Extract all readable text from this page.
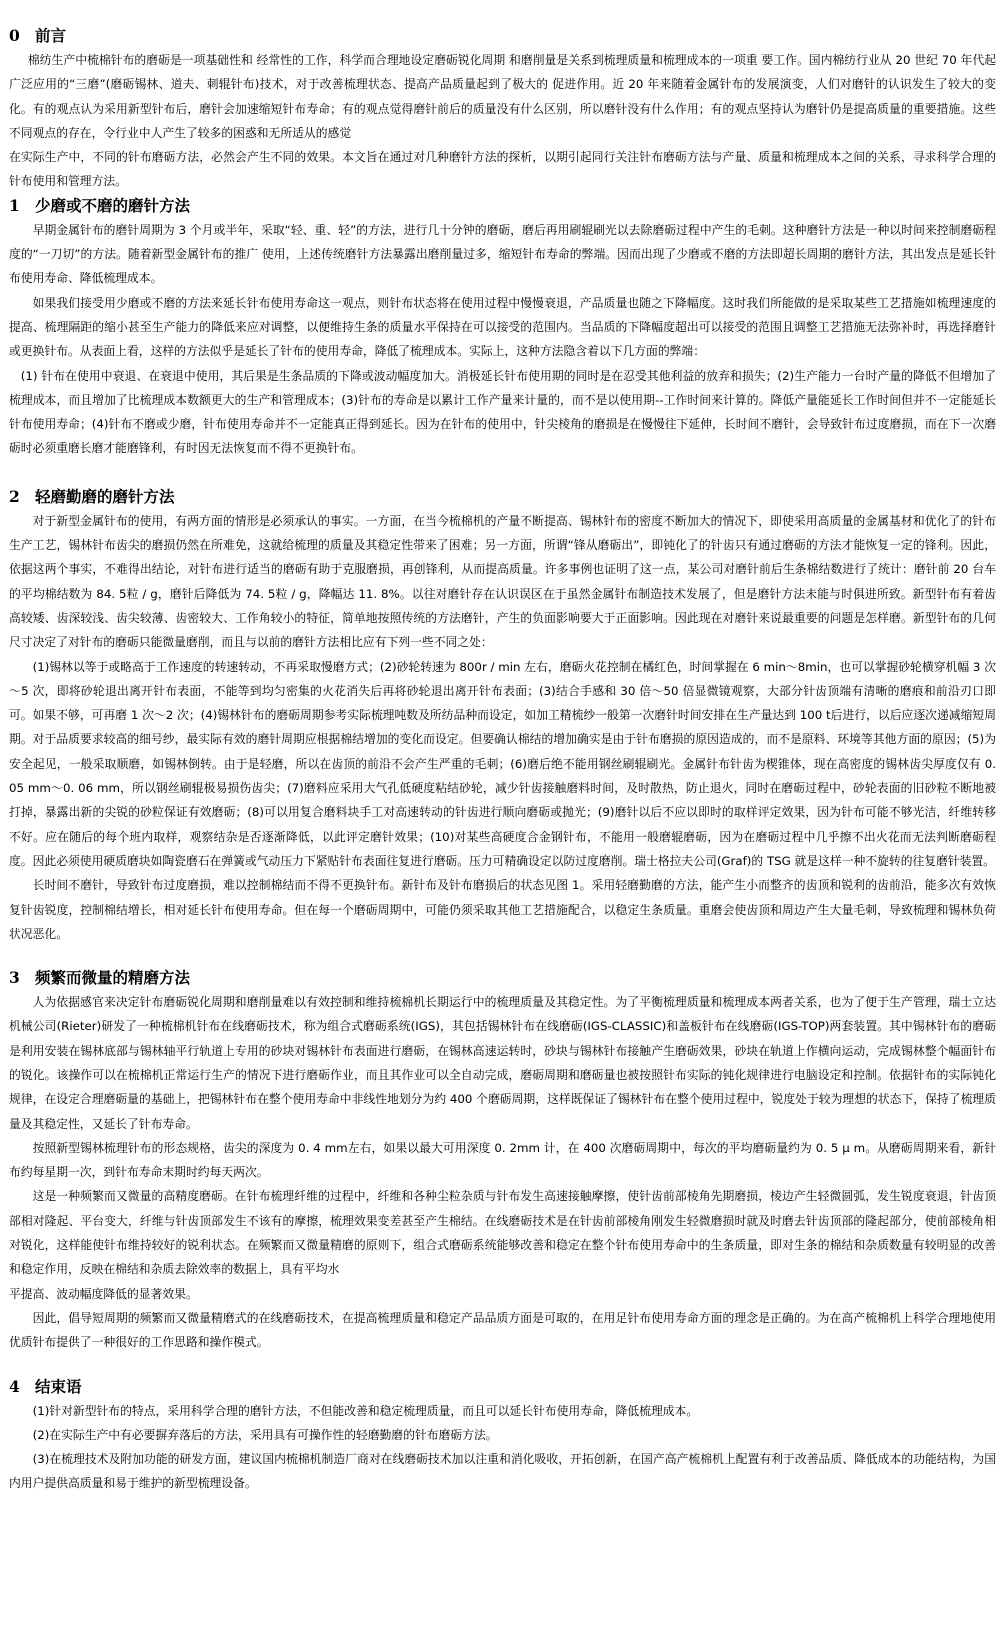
0 前言

棉纺生产中梳棉针布的磨砺是一项基础性和 经常性的工作，科学而合理地设定磨砺锐化周期 和磨削量是关系到梳理质量和梳理成本的一项重 要工作。国内棉纺行业从 20 世纪 70 年代起广泛应用的“三磨”(磨砺锡林、道夫、刺辊针布)技术，对于改善梳理状态、提高产品质量起到了极大的 促进作用。近 20 年来随着金属针布的发展演变，人们对磨针的认识发生了较大的变化。有的观点认为采用新型针布后，磨针会加速缩短针布寿命；有的观点觉得磨针前后的质量没有什么区别，所以磨针没有什么作用；有的观点坚持认为磨针仍是提高质量的重要措施。这些不同观点的存在，令行业中人产生了较多的困惑和无所适从的感觉

在实际生产中，不同的针布磨砺方法，必然会产生不同的效果。本文旨在通过对几种磨针方法的探析，以期引起同行关注针布磨砺方法与产量、质量和梳理成本之间的关系，寻求科学合理的针布使用和管理方法。

1 少磨或不磨的磨针方法

早期金属针布的磨针周期为 3 个月或半年，采取“轻、重、轻”的方法，进行几十分钟的磨砺，磨后再用刷辊刷光以去除磨砺过程中产生的毛刺。这种磨针方法是一种以时间来控制磨砺程度的“一刀切”的方法。随着新型金属针布的推广 使用，上述传统磨针方法暴露出磨削量过多，缩短针布寿命的弊端。因而出现了少磨或不磨的方法即超长周期的磨针方法，其出发点是延长针布使用寿命、降低梳理成本。

如果我们接受用少磨或不磨的方法来延长针布使用寿命这一观点，则针布状态将在使用过程中慢慢衰退，产品质量也随之下降幅度。这时我们所能做的是采取某些工艺措施如梳理速度的提高、梳理隔距的缩小甚至生产能力的降低来应对调整，以便维持生条的质量水平保持在可以接受的范围内。当品质的下降幅度超出可以接受的范围且调整工艺措施无法弥补时，再选择磨针或更换针布。从表面上看，这样的方法似乎是延长了针布的使用寿命，降低了梳理成本。实际上，这种方法隐含着以下几方面的弊端：

(1) 针布在使用中衰退、在衰退中使用，其后果是生条品质的下降或波动幅度加大。消极延长针布使用期的同时是在忍受其他利益的放弃和损失；(2)生产能力一台时产量的降低不但增加了梳理成本，而且增加了比梳理成本数额更大的生产和管理成本；(3)针布的寿命是以累计工作产量来计量的，而不是以使用期--工作时间来计算的。降低产量能延长工作时间但并不一定能延长针布使用寿命；(4)针布不磨或少磨，针布使用寿命并不一定能真正得到延长。因为在针布的使用中，针尖棱角的磨损是在慢慢往下延伸，长时间不磨针，会导致针布过度磨损，而在下一次磨砺时必须重磨长磨才能磨锋利，有时因无法恢复而不得不更换针布。

2 轻磨勤磨的磨针方法

对于新型金属针布的使用，有两方面的情形是必须承认的事实。一方面，在当今梳棉机的产量不断提高、锡林针布的密度不断加大的情况下，即使采用高质量的金属基材和优化了的针布生产工艺，锡林针布齿尖的磨损仍然在所难免，这就给梳理的质量及其稳定性带来了困难；另一方面，所谓“锋从磨砺出”，即钝化了的针齿只有通过磨砺的方法才能恢复一定的锋利。因此，依据这两个事实，不难得出结论，对针布进行适当的磨砺有助于克服磨损，再创锋利，从而提高质量。许多事例也证明了这一点，某公司对磨针前后生条棉结数进行了统计：磨针前 20 台车的平均棉结数为 84. 5粒 / g，磨针后降低为 74. 5粒 / g，降幅达 11. 8%。以往对磨针存在认识误区在于虽然金属针布制造技术发展了，但是磨针方法未能与时俱进所致。新型针布有着齿高较矮、齿深较浅、齿尖较薄、齿密较大、工作角较小的特征，简单地按照传统的方法磨针，产生的负面影响要大于正面影响。因此现在对磨针来说最重要的问题是怎样磨。新型针布的几何尺寸决定了对针布的磨砺只能微量磨削，而且与以前的磨针方法相比应有下列一些不同之处：

(1)锡林以等于或略高于工作速度的转速转动，不再采取慢磨方式；(2)砂轮转速为 800r / min 左右，磨砺火花控制在橘红色，时间掌握在 6 min～8min，也可以掌握砂轮横穿机幅 3 次～5 次，即将砂轮退出离开针布表面，不能等到均匀密集的火花消失后再将砂轮退出离开针布表面；(3)结合手感和 30 倍～50 倍显微镜观察，大部分针齿顶端有清晰的磨痕和前沿刃口即可。如果不够，可再磨 1 次～2 次；(4)锡林针布的磨砺周期参考实际梳理吨数及所纺品种而设定，如加工精梳纱一般第一次磨针时间安排在生产量达到 100 t后进行，以后应逐次递减缩短周期。对于品质要求较高的细号纱，最实际有效的磨针周期应根据棉结增加的变化而设定。但要确认棉结的增加确实是由于针布磨损的原因造成的，而不是原料、环境等其他方面的原因；(5)为安全起见，一般采取顺磨，如锡林倒转。由于是轻磨，所以在齿顶的前沿不会产生严重的毛刺；(6)磨后绝不能用钢丝刷辊刷光。金属针布针齿为楔锥体，现在高密度的锡林齿尖厚度仅有 0. 05 mm～0. 06 mm，所以钢丝刷辊极易损伤齿尖；(7)磨料应采用大气孔低硬度粘结砂轮，减少针齿接触磨料时间，及时散热，防止退火，同时在磨砺过程中，砂轮表面的旧砂粒不断地被打掉，暴露出新的尖锐的砂粒保证有效磨砺；(8)可以用复合磨料块手工对高速转动的针齿进行顺向磨砺或抛光；(9)磨针以后不应以即时的取样评定效果，因为针布可能不够光洁，纤维转移不好。应在随后的每个班内取样，观察结杂是否逐渐降低，以此评定磨针效果；(10)对某些高硬度合金钢针布，不能用一般磨辊磨砺，因为在磨砺过程中几乎擦不出火花而无法判断磨砺程度。因此必须使用硬质磨块如陶瓷磨石在弹簧或气动压力下紧贴针布表面往复进行磨砺。压力可精确设定以防过度磨削。瑞士格拉夫公司(Graf)的 TSG 就是这样一种不旋转的往复磨针装置。

长时间不磨针，导致针布过度磨损，难以控制棉结而不得不更换针布。新针布及针布磨损后的状态见图 1。采用轻磨勤磨的方法，能产生小而整齐的齿顶和锐利的齿前沿，能多次有效恢复针齿锐度，控制棉结增长，相对延长针布使用寿命。但在每一个磨砺周期中，可能仍须采取其他工艺措施配合，以稳定生条质量。重磨会使齿顶和周边产生大量毛刺，导致梳理和锡林负荷状况恶化。

3 频繁而微量的精磨方法

人为依据感官来决定针布磨砺锐化周期和磨削量难以有效控制和维持梳棉机长期运行中的梳理质量及其稳定性。为了平衡梳理质量和梳理成本两者关系，也为了便于生产管理，瑞士立达机械公司(Rieter)研发了一种梳棉机针布在线磨砺技术，称为组合式磨砺系统(IGS)，其包括锡林针布在线磨砺(IGS-CLASSIC)和盖板针布在线磨砺(IGS-TOP)两套装置。其中锡林针布的磨砺是利用安装在锡林底部与锡林轴平行轨道上专用的砂块对锡林针布表面进行磨砺，在锡林高速运转时，砂块与锡林针布接触产生磨砺效果，砂块在轨道上作横向运动，完成锡林整个幅面针布的锐化。该操作可以在梳棉机正常运行生产的情况下进行磨砺作业，而且其作业可以全自动完成，磨砺周期和磨砺量也被按照针布实际的钝化规律进行电脑设定和控制。依据针布的实际钝化规律，在设定合理磨砺量的基础上，把锡林针布在整个使用寿命中非线性地划分为约 400 个磨砺周期，这样既保证了锡林针布在整个使用过程中，锐度处于较为理想的状态下，保持了梳理质量及其稳定性，又延长了针布寿命。

按照新型锡林梳理针布的形态规格，齿尖的深度为 0. 4 mm左右，如果以最大可用深度 0. 2mm 计，在 400 次磨砺周期中，每次的平均磨砺量约为 0. 5 μ m。从磨砺周期来看，新针布约每星期一次，到针布寿命末期时约每天两次。

这是一种频繁而又微量的高精度磨砺。在针布梳理纤维的过程中，纤维和各种尘粒杂质与针布发生高速接触摩擦，使针齿前部棱角先期磨损，棱边产生轻微圆弧，发生锐度衰退，针齿顶部相对隆起、平台变大，纤维与针齿顶部发生不该有的摩擦，梳理效果变差甚至产生棉结。在线磨砺技术是在针齿前部棱角刚发生轻微磨损时就及时磨去针齿顶部的隆起部分，使前部棱角相对锐化，这样能使针布维持较好的锐利状态。在频繁而又微量精磨的原则下，组合式磨砺系统能够改善和稳定在整个针布使用寿命中的生条质量，即对生条的棉结和杂质数量有较明显的改善和稳定作用，反映在棉结和杂质去除效率的数据上，具有平均水

平提高、波动幅度降低的显著效果。

因此，倡导短周期的频繁而又微量精磨式的在线磨砺技术，在提高梳理质量和稳定产品品质方面是可取的，在用足针布使用寿命方面的理念是正确的。为在高产梳棉机上科学合理地使用优质针布提供了一种很好的工作思路和操作模式。

4 结束语

(1)针对新型针布的特点，采用科学合理的磨针方法，不但能改善和稳定梳理质量，而且可以延长针布使用寿命，降低梳理成本。

(2)在实际生产中有必要摒弃落后的方法，采用具有可操作性的轻磨勤磨的针布磨砺方法。

(3)在梳理技术及附加功能的研发方面，建议国内梳棉机制造厂商对在线磨砺技术加以注重和消化吸收，开拓创新，在国产高产梳棉机上配置有利于改善品质、降低成本的功能结构，为国内用户提供高质量和易于维护的新型梳理设备。
